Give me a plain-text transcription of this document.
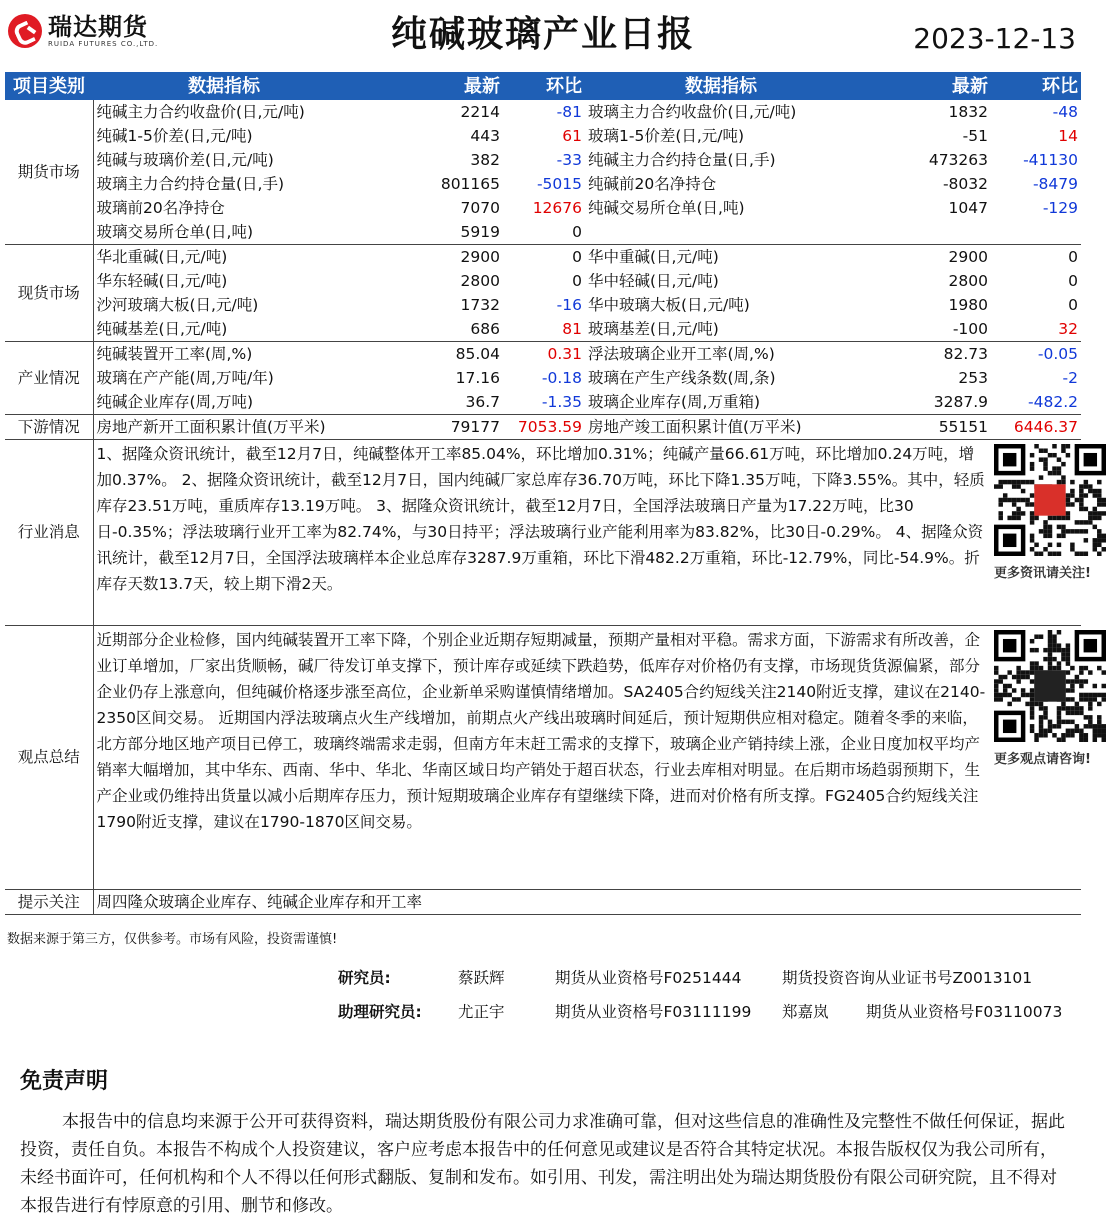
瑞达期货
RUIDA FUTURES CO.,LTD.	纯碱玻璃产业日报	2023-12-13
项目类别	数据指标	最新	环比	数据指标	最新	环比
期货市场	纯碱主力合约收盘价(日,元/吨)	2214	-81	玻璃主力合约收盘价(日,元/吨)	1832	-48
	纯碱1-5价差(日,元/吨)	443	61	玻璃1-5价差(日,元/吨)	-51	14
	纯碱与玻璃价差(日,元/吨)	382	-33	纯碱主力合约持仓量(日,手)	473263	-41130
	玻璃主力合约持仓量(日,手)	801165	-5015	纯碱前20名净持仓	-8032	-8479
	玻璃前20名净持仓	7070	12676	纯碱交易所仓单(日,吨)	1047	-129
	玻璃交易所仓单(日,吨)	5919	0			
现货市场	华北重碱(日,元/吨)	2900	0	华中重碱(日,元/吨)	2900	0
	华东轻碱(日,元/吨)	2800	0	华中轻碱(日,元/吨)	2800	0
	沙河玻璃大板(日,元/吨)	1732	-16	华中玻璃大板(日,元/吨)	1980	0
	纯碱基差(日,元/吨)	686	81	玻璃基差(日,元/吨)	-100	32
产业情况	纯碱装置开工率(周,%)	85.04	0.31	浮法玻璃企业开工率(周,%)	82.73	-0.05
	玻璃在产产能(周,万吨/年)	17.16	-0.18	玻璃在产生产线条数(周,条)	253	-2
	纯碱企业库存(周,万吨)	36.7	-1.35	玻璃企业库存(周,万重箱)	3287.9	-482.2
下游情况	房地产新开工面积累计值(万平米)	79177	7053.59	房地产竣工面积累计值(万平米)	55151	6446.37
行业消息	1、据隆众资讯统计，截至12月7日，纯碱整体开工率85.04%，环比增加0.31%；纯碱产量66.61万吨，环比增加0.24万吨，增加0.37%。 2、据隆众资讯统计，截至12月7日，国内纯碱厂家总库存36.70万吨，环比下降1.35万吨，下降3.55%。其中，轻质库存23.51万吨，重质库存13.19万吨。 3、据隆众资讯统计，截至12月7日，全国浮法玻璃日产量为17.22万吨，比30日-0.35%；浮法玻璃行业开工率为82.74%，与30日持平；浮法玻璃行业产能利用率为83.82%，比30日-0.29%。 4、据隆众资讯统计，截至12月7日，全国浮法玻璃样本企业总库存3287.9万重箱，环比下滑482.2万重箱，环比-12.79%，同比-54.9%。折库存天数13.7天，较上期下滑2天。					更多资讯请关注!

观点总结	近期部分企业检修，国内纯碱装置开工率下降，个别企业近期存短期减量，预期产量相对平稳。需求方面，下游需求有所改善，企业订单增加，厂家出货顺畅，碱厂待发订单支撑下，预计库存或延续下跌趋势，低库存对价格仍有支撑，市场现货货源偏紧，部分企业仍存上涨意向，但纯碱价格逐步涨至高位，企业新单采购谨慎情绪增加。SA2405合约短线关注2140附近支撑，建议在2140-2350区间交易。 近期国内浮法玻璃点火生产线增加，前期点火产线出玻璃时间延后，预计短期供应相对稳定。随着冬季的来临，北方部分地区地产项目已停工，玻璃终端需求走弱，但南方年末赶工需求的支撑下，玻璃企业产销持续上涨，企业日度加权平均产销率大幅增加，其中华东、西南、华中、华北、华南区域日均产销处于超百状态，行业去库相对明显。在后期市场趋弱预期下，生产企业或仍维持出货量以减小后期库存压力，预计短期玻璃企业库存有望继续下降，进而对价格有所支撑。FG2405合约短线关注1790附近支撑，建议在1790-1870区间交易。					更多观点请咨询!

提示关注	周四隆众玻璃企业库存、纯碱企业库存和开工率					
数据来源于第三方，仅供参考。市场有风险，投资需谨慎!
研究员:	蔡跃辉	期货从业资格号F0251444	期货投资咨询从业证书号Z0013101
助理研究员: 尤正宇	期货从业资格号F03111199 郑嘉岚 期货从业资格号F03110073
免责声明
本报告中的信息均来源于公开可获得资料，瑞达期货股份有限公司力求准确可靠，但对这些信息的准确性及完整性不做任何保证，据此投资，责任自负。本报告不构成个人投资建议，客户应考虑本报告中的任何意见或建议是否符合其特定状况。本报告版权仅为我公司所有，未经书面许可，任何机构和个人不得以任何形式翻版、复制和发布。如引用、刊发，需注明出处为瑞达期货股份有限公司研究院，且不得对本报告进行有悖原意的引用、删节和修改。
